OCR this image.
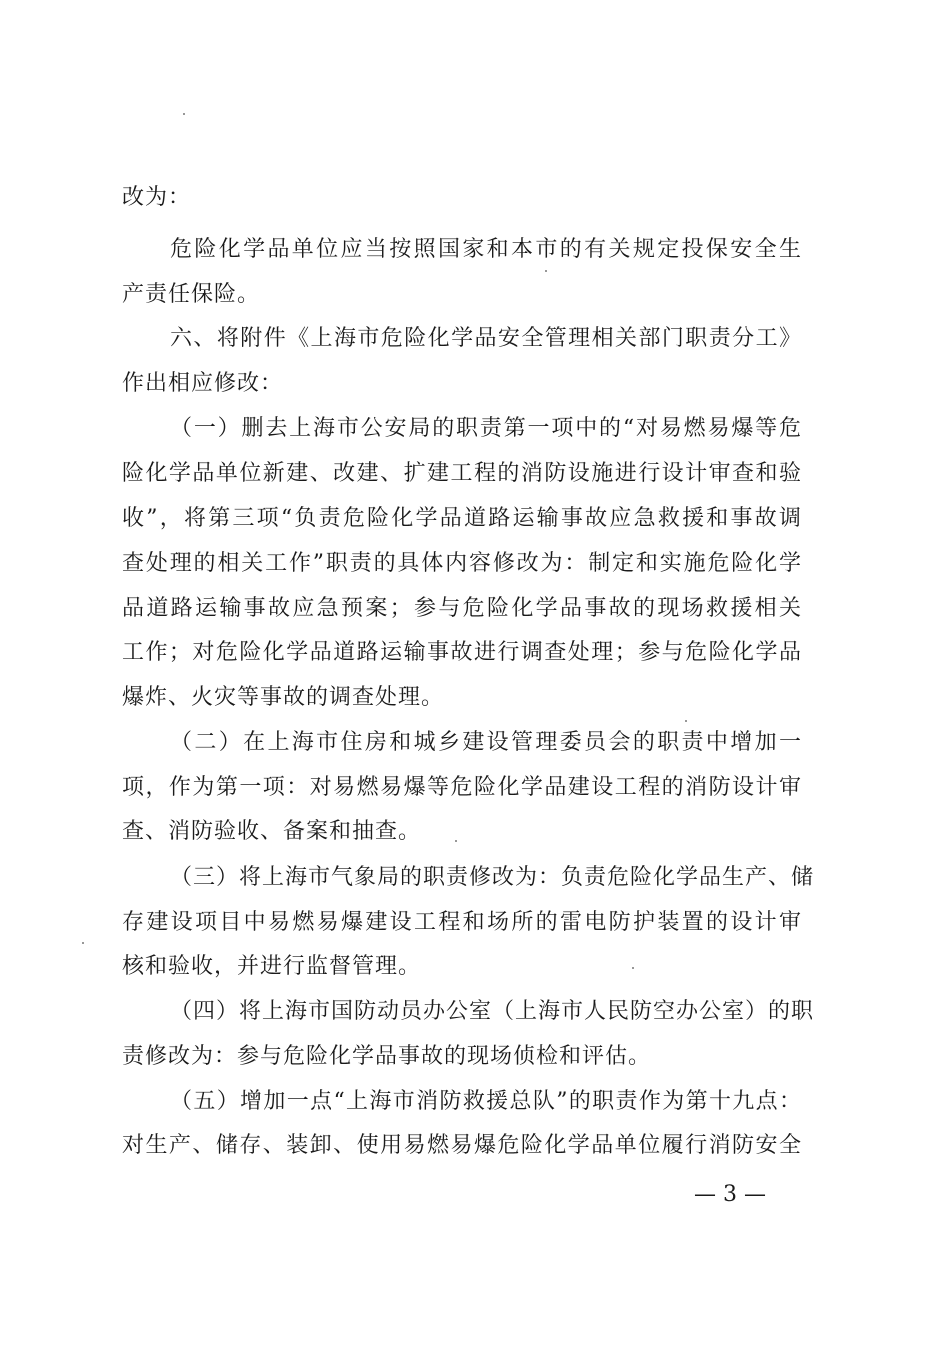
改为：
危险化学品单位应当按照国家和本市的有关规定投保安全生
产责任保险。
六、将附件《上海市危险化学品安全管理相关部门职责分工》
作出相应修改：
（一）删去上海市公安局的职责第一项中的“对易燃易爆等危
险化学品单位新建、改建、扩建工程的消防设施进行设计审查和验
收”，将第三项“负责危险化学品道路运输事故应急救援和事故调
查处理的相关工作”职责的具体内容修改为：制定和实施危险化学
品道路运输事故应急预案；参与危险化学品事故的现场救援相关
工作；对危险化学品道路运输事故进行调查处理；参与危险化学品
爆炸、火灾等事故的调查处理。
（二）在上海市住房和城乡建设管理委员会的职责中增加一
项，作为第一项：对易燃易爆等危险化学品建设工程的消防设计审
查、消防验收、备案和抽查。
（三）将上海市气象局的职责修改为：负责危险化学品生产、储
存建设项目中易燃易爆建设工程和场所的雷电防护装置的设计审
核和验收，并进行监督管理。
（四）将上海市国防动员办公室（上海市人民防空办公室）的职
责修改为：参与危险化学品事故的现场侦检和评估。
（五）增加一点“上海市消防救援总队”的职责作为第十九点：
对生产、储存、装卸、使用易燃易爆危险化学品单位履行消防安全
— 3 —
